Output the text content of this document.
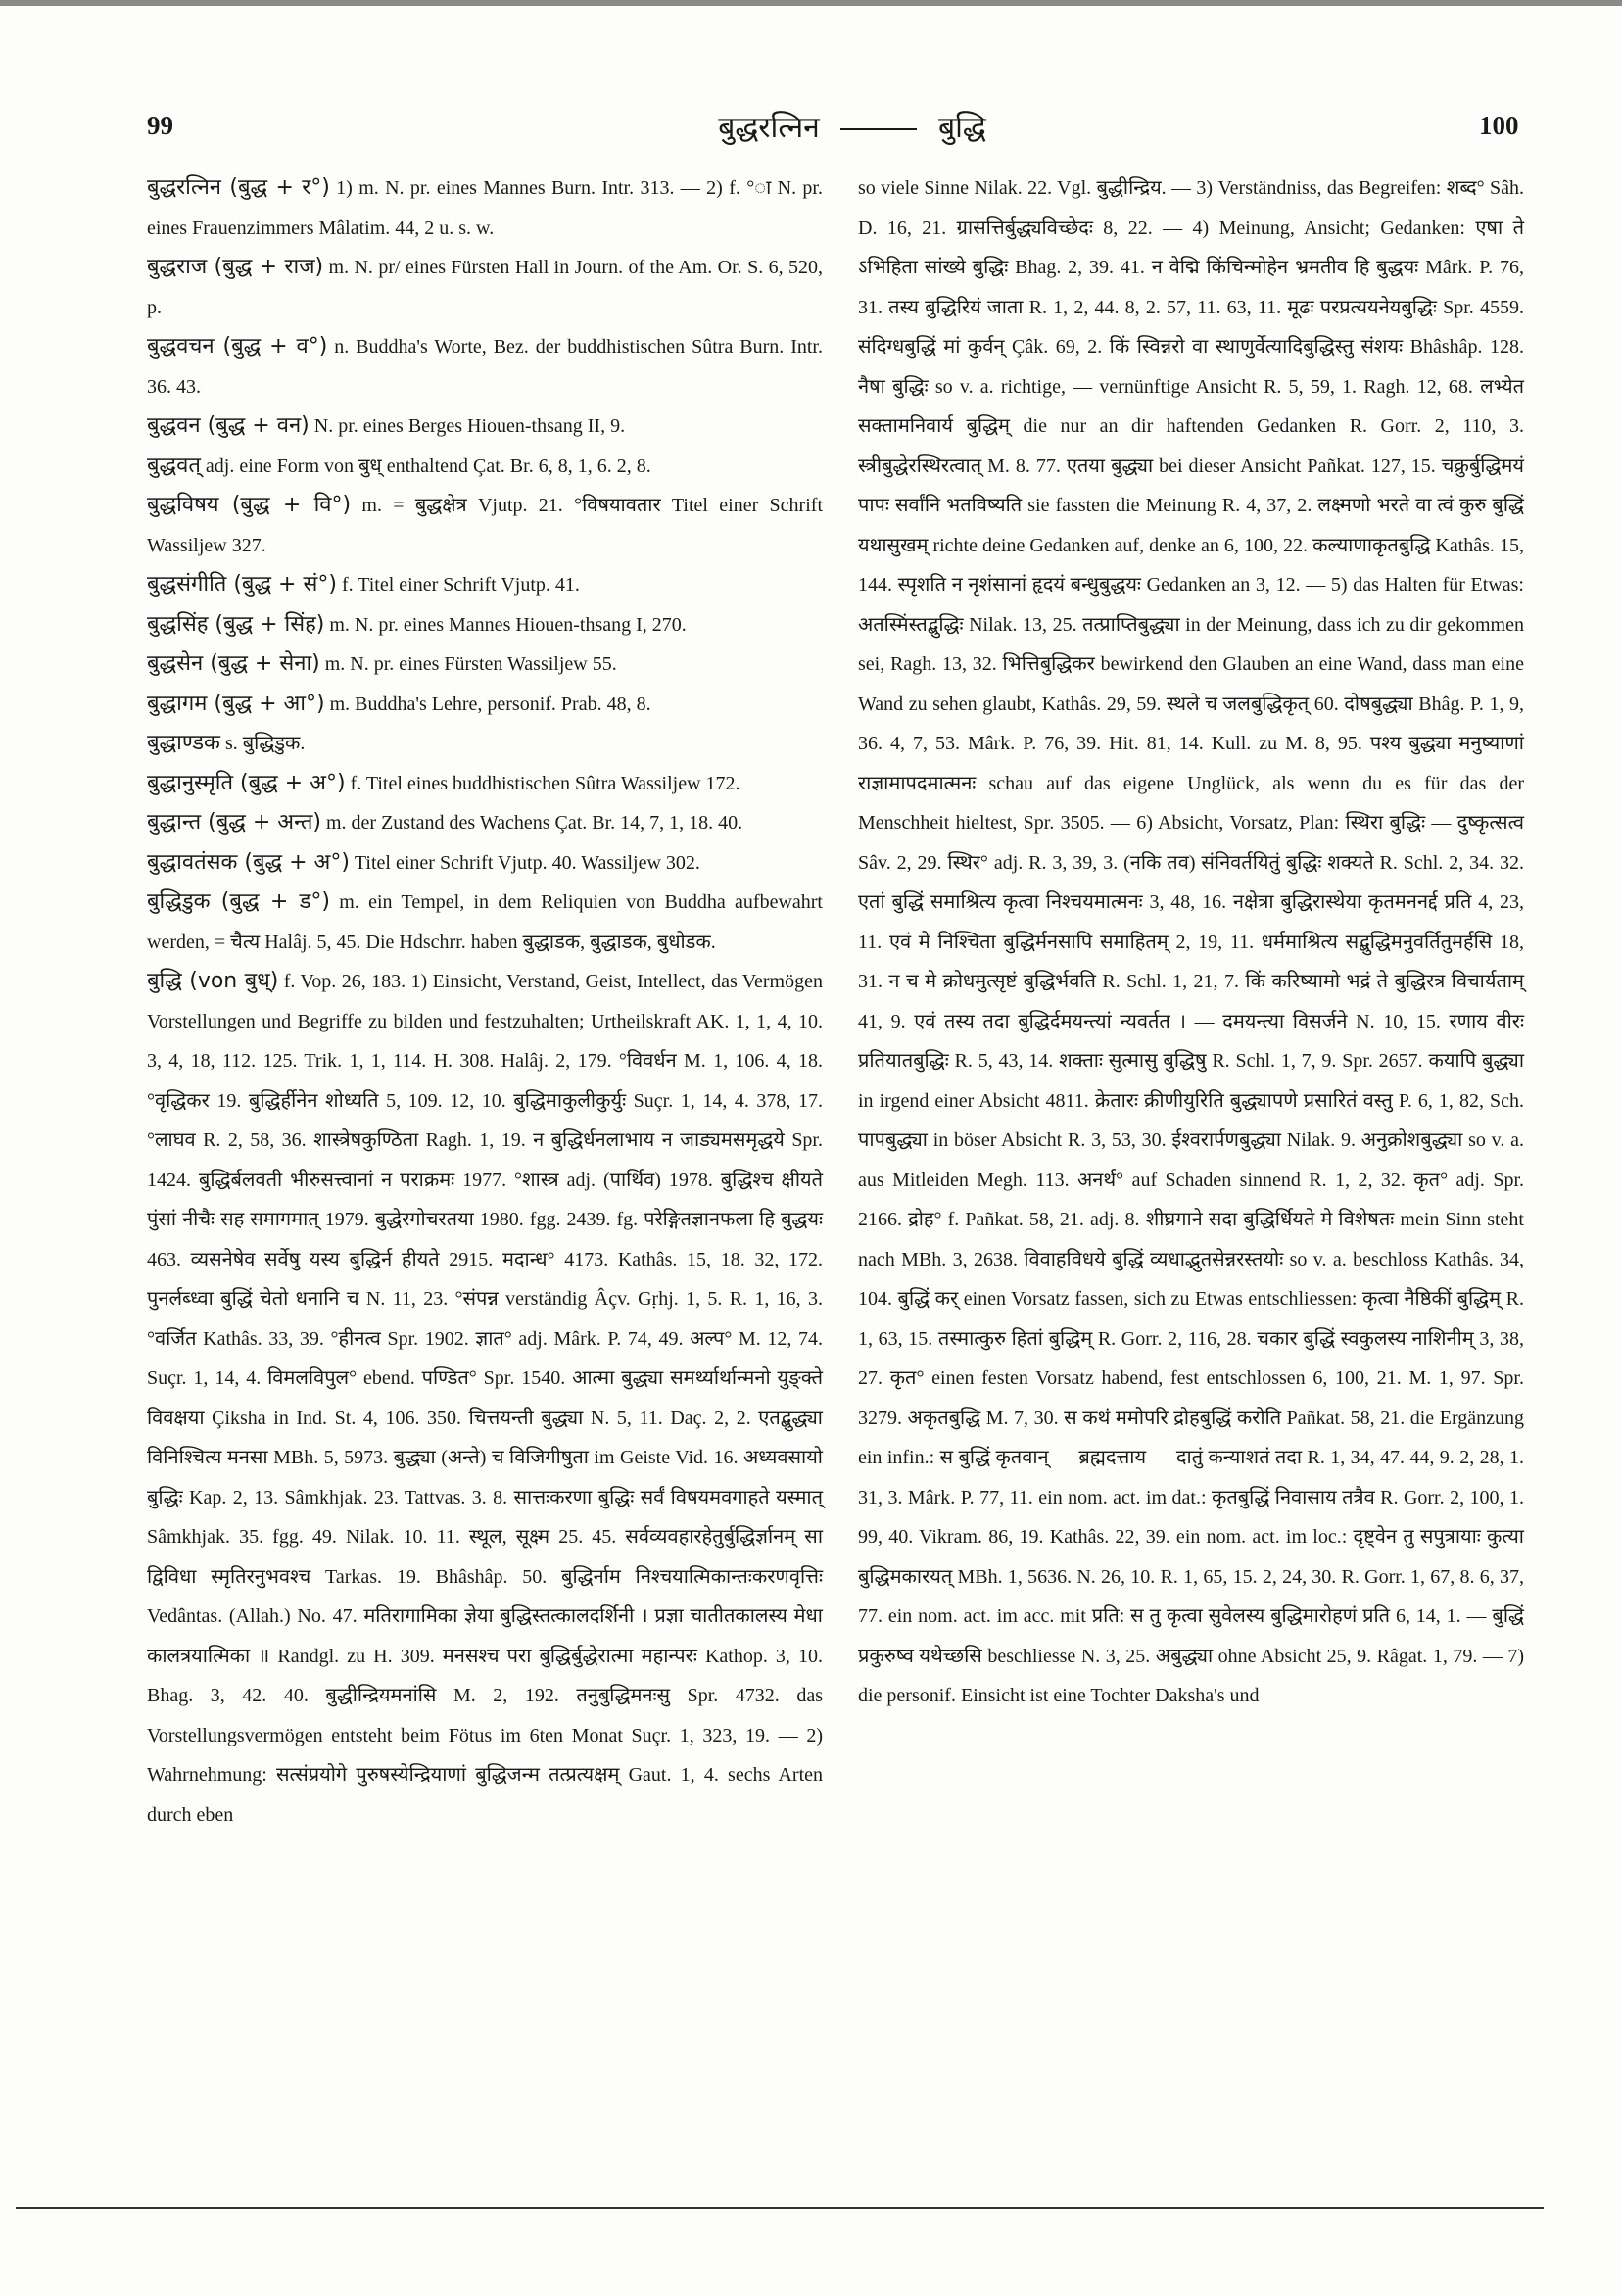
99	बुद्धरत्निन	बुद्धि	100

बुद्धरत्निन (बुद्ध + र°) 1) m. N. pr. eines Mannes Burn. Intr. 313. — 2) f. °ा N. pr. eines Frauenzimmers Mâlatim. 44, 2 u. s. w.

बुद्धराज (बुद्ध + राज) m. N. pr/ eines Fürsten Hall in Journ. of the Am. Or. S. 6, 520, p.

बुद्धवचन (बुद्ध + व°) n. Buddha's Worte, Bez. der buddhistischen Sûtra Burn. Intr. 36. 43.

बुद्धवन (बुद्ध + वन) N. pr. eines Berges Hiouen-thsang II, 9.

बुद्धवत् adj. eine Form von बुध् enthaltend Çat. Br. 6, 8, 1, 6. 2, 8.

बुद्धविषय (बुद्ध + वि°) m. = बुद्धक्षेत्र Vjutp. 21. °विषयावतार Titel einer Schrift Wassiljew 327.

बुद्धसंगीति (बुद्ध + सं°) f. Titel einer Schrift Vjutp. 41.

बुद्धसिंह (बुद्ध + सिंह) m. N. pr. eines Mannes Hiouen-thsang I, 270.

बुद्धसेन (बुद्ध + सेना) m. N. pr. eines Fürsten Wassiljew 55.

बुद्धागम (बुद्ध + आ°) m. Buddha's Lehre, personif. Prab. 48, 8.

बुद्धाण्डक s. बुद्धिडुक.

बुद्धानुस्मृति (बुद्ध + अ°) f. Titel eines buddhistischen Sûtra Wassiljew 172.

बुद्धान्त (बुद्ध + अन्त) m. der Zustand des Wachens Çat. Br. 14, 7, 1, 18. 40.

बुद्धावतंसक (बुद्ध + अ°) Titel einer Schrift Vjutp. 40. Wassiljew 302.

बुद्धिडुक (बुद्ध + ड°) m. ein Tempel, in dem Reliquien von Buddha aufbewahrt werden, = चैत्य Halâj. 5, 45. Die Hdschrr. haben बुद्धाडक, बुद्धाडक, बुधोडक.

बुद्धि (von बुध्) f. Vop. 26, 183. 1) Einsicht, Verstand, Geist, Intellect, das Vermögen Vorstellungen und Begriffe zu bilden und festzuhalten; Urtheilskraft AK. 1, 1, 4, 10. 3, 4, 18, 112. 125. Trik. 1, 1, 114. H. 308. Halâj. 2, 179. °विवर्धन M. 1, 106. 4, 18. °वृद्धिकर 19. बुद्धिर्हीनेन शोध्यति 5, 109. 12, 10. बुद्धिमाकुलीकुर्युः Suçr. 1, 14, 4. 378, 17. °लाघव R. 2, 58, 36. शास्त्रेषकुण्ठिता Ragh. 1, 19. न बुद्धिर्धनलाभाय न जाड्यमसमृद्धये Spr. 1424. बुद्धिर्बलवती भीरुसत्त्वानां न पराक्रमः 1977. °शास्त्र adj. (पार्थिव) 1978. बुद्धिश्च क्षीयते पुंसां नीचैः सह समागमात् 1979. बुद्धेरगोचरतया 1980. fgg. 2439. fg. परेङ्गितज्ञानफला हि बुद्धयः 463. व्यसनेषेव सर्वेषु यस्य बुद्धिर्न हीयते 2915. मदान्ध° 4173. Kathâs. 15, 18. 32, 172. पुनर्लब्ध्वा बुद्धिं चेतो धनानि च N. 11, 23. °संपन्न verständig Âçv. Gṛhj. 1, 5. R. 1, 16, 3. °वर्जित Kathâs. 33, 39. °हीनत्व Spr. 1902. ज्ञात° adj. Mârk. P. 74, 49. अल्प° M. 12, 74. Suçr. 1, 14, 4. विमलविपुल° ebend. पण्डित° Spr. 1540. आत्मा बुद्ध्या समर्थ्यार्थान्मनो युङ्क्ते विवक्षया Çiksha in Ind. St. 4, 106. 350. चित्तयन्ती बुद्ध्या N. 5, 11. Daç. 2, 2. एतद्बुद्ध्या विनिश्चित्य मनसा MBh. 5, 5973. बुद्ध्या (अन्ते) च विजिगीषुता im Geiste Vid. 16. अध्यवसायो बुद्धिः Kap. 2, 13. Sâmkhjak. 23. Tattvas. 3. 8. सात्तःकरणा बुद्धिः सर्वं विषयमवगाहते यस्मात् Sâmkhjak. 35. fgg. 49. Nilak. 10. 11. स्थूल, सूक्ष्म 25. 45. सर्वव्यवहारहेतुर्बुद्धिर्ज्ञानम् सा द्विविधा स्मृतिरनुभवश्च Tarkas. 19. Bhâshâp. 50. बुद्धिर्नाम निश्चयात्मिकान्तःकरणवृत्तिः Vedântas. (Allah.) No. 47. मतिरागामिका ज्ञेया बुद्धिस्तत्कालदर्शिनी । प्रज्ञा चातीतकालस्य मेधा कालत्रयात्मिका ॥ Randgl. zu H. 309. मनसश्च परा बुद्धिर्बुद्धेरात्मा महान्परः Kathop. 3, 10. Bhag. 3, 42. 40. बुद्धीन्द्रियमनांसि M. 2, 192. तनुबुद्धिमनःसु Spr. 4732. das Vorstellungsvermögen entsteht beim Fötus im 6ten Monat Suçr. 1, 323, 19. — 2) Wahrnehmung: सत्संप्रयोगे पुरुषस्येन्द्रियाणां बुद्धिजन्म तत्प्रत्यक्षम् Gaut. 1, 4. sechs Arten durch eben

so viele Sinne Nilak. 22. Vgl. बुद्धीन्द्रिय. — 3) Verständniss, das Begreifen: शब्द° Sâh. D. 16, 21. ग्रासत्तिर्बुद्ध्यविच्छेदः 8, 22. — 4) Meinung, Ansicht; Gedanken: एषा ते ऽभिहिता सांख्ये बुद्धिः Bhag. 2, 39. 41. न वेद्मि किंचिन्मोहेन भ्रमतीव हि बुद्धयः Mârk. P. 76, 31. तस्य बुद्धिरियं जाता R. 1, 2, 44. 8, 2. 57, 11. 63, 11. मूढः परप्रत्ययनेयबुद्धिः Spr. 4559. संदिग्धबुद्धिं मां कुर्वन् Çâk. 69, 2. किं स्विन्नरो वा स्थाणुर्वेत्यादिबुद्धिस्तु संशयः Bhâshâp. 128. नैषा बुद्धिः so v. a. richtige, — vernünftige Ansicht R. 5, 59, 1. Ragh. 12, 68. लभ्येत सक्तामनिवार्य बुद्धिम् die nur an dir haftenden Gedanken R. Gorr. 2, 110, 3. स्त्रीबुद्धेरस्थिरत्वात् M. 8. 77. एतया बुद्ध्या bei dieser Ansicht Pañkat. 127, 15. चक्रुर्बुद्धिमयं पापः सर्वांनि भतविष्यति sie fassten die Meinung R. 4, 37, 2. लक्ष्मणो भरते वा त्वं कुरु बुद्धिं यथासुखम् richte deine Gedanken auf, denke an 6, 100, 22. कल्याणाकृतबुद्धि Kathâs. 15, 144. स्पृशति न नृशंसानां हृदयं बन्धुबुद्धयः Gedanken an 3, 12. — 5) das Halten für Etwas: अतस्मिंस्तद्बुद्धिः Nilak. 13, 25. तत्प्राप्तिबुद्ध्या in der Meinung, dass ich zu dir gekommen sei, Ragh. 13, 32. भित्तिबुद्धिकर bewirkend den Glauben an eine Wand, dass man eine Wand zu sehen glaubt, Kathâs. 29, 59. स्थले च जलबुद्धिकृत् 60. दोषबुद्ध्या Bhâg. P. 1, 9, 36. 4, 7, 53. Mârk. P. 76, 39. Hit. 81, 14. Kull. zu M. 8, 95. पश्य बुद्ध्या मनुष्याणां राज्ञामापदमात्मनः schau auf das eigene Unglück, als wenn du es für das der Menschheit hieltest, Spr. 3505. — 6) Absicht, Vorsatz, Plan: स्थिरा बुद्धिः — दुष्कृत्सत्व Sâv. 2, 29. स्थिर° adj. R. 3, 39, 3. (नकि तव) संनिवर्तयितुं बुद्धिः शक्यते R. Schl. 2, 34. 32. एतां बुद्धिं समाश्रित्य कृत्वा निश्चयमात्मनः 3, 48, 16. नक्षेत्रा बुद्धिरास्थेया कृतमननर्द्द प्रति 4, 23, 11. एवं मे निश्चिता बुद्धिर्मनसापि समाहितम् 2, 19, 11. धर्ममाश्रित्य सद्बुद्धिमनुवर्तितुमर्हसि 18, 31. न च मे क्रोधमुत्सृष्टं बुद्धिर्भवति R. Schl. 1, 21, 7. किं करिष्यामो भद्रं ते बुद्धिरत्र विचार्यताम् 41, 9. एवं तस्य तदा बुद्धिर्दमयन्त्यां न्यवर्तत । — दमयन्त्या विसर्जने N. 10, 15. रणाय वीरः प्रतियातबुद्धिः R. 5, 43, 14. शक्ताः सुत्मासु बुद्धिषु R. Schl. 1, 7, 9. Spr. 2657. कयापि बुद्ध्या in irgend einer Absicht 4811. क्रेतारः क्रीणीयुरिति बुद्ध्यापणे प्रसारितं वस्तु P. 6, 1, 82, Sch. पापबुद्ध्या in böser Absicht R. 3, 53, 30. ईश्वरार्पणबुद्ध्या Nilak. 9. अनुक्रोशबुद्ध्या so v. a. aus Mitleiden Megh. 113. अनर्थ° auf Schaden sinnend R. 1, 2, 32. कृत° adj. Spr. 2166. द्रोह° f. Pañkat. 58, 21. adj. 8. शीघ्रगाने सदा बुद्धिर्धियते मे विशेषतः mein Sinn steht nach MBh. 3, 2638. विवाहविधये बुद्धिं व्यधाद्भुतसेन्नरस्तयोः so v. a. beschloss Kathâs. 34, 104. बुद्धिं कर् einen Vorsatz fassen, sich zu Etwas entschliessen: कृत्वा नैष्ठिकीं बुद्धिम् R. 1, 63, 15. तस्मात्कुरु हितां बुद्धिम् R. Gorr. 2, 116, 28. चकार बुद्धिं स्वकुलस्य नाशिनीम् 3, 38, 27. कृत° einen festen Vorsatz habend, fest entschlossen 6, 100, 21. M. 1, 97. Spr. 3279. अकृतबुद्धि M. 7, 30. स कथं ममोपरि द्रोहबुद्धिं करोति Pañkat. 58, 21. die Ergänzung ein infin.: स बुद्धिं कृतवान् — ब्रह्मदत्ताय — दातुं कन्याशतं तदा R. 1, 34, 47. 44, 9. 2, 28, 1. 31, 3. Mârk. P. 77, 11. ein nom. act. im dat.: कृतबुद्धिं निवासाय तत्रैव R. Gorr. 2, 100, 1. 99, 40. Vikram. 86, 19. Kathâs. 22, 39. ein nom. act. im loc.: दृष्ट्वेन तु सपुत्रायाः कुत्या बुद्धिमकारयत् MBh. 1, 5636. N. 26, 10. R. 1, 65, 15. 2, 24, 30. R. Gorr. 1, 67, 8. 6, 37, 77. ein nom. act. im acc. mit प्रति: स तु कृत्वा सुवेलस्य बुद्धिमारोहणं प्रति 6, 14, 1. — बुद्धिं प्रकुरुष्व यथेच्छसि beschliesse N. 3, 25. अबुद्ध्या ohne Absicht 25, 9. Râgat. 1, 79. — 7) die personif. Einsicht ist eine Tochter Daksha's und
